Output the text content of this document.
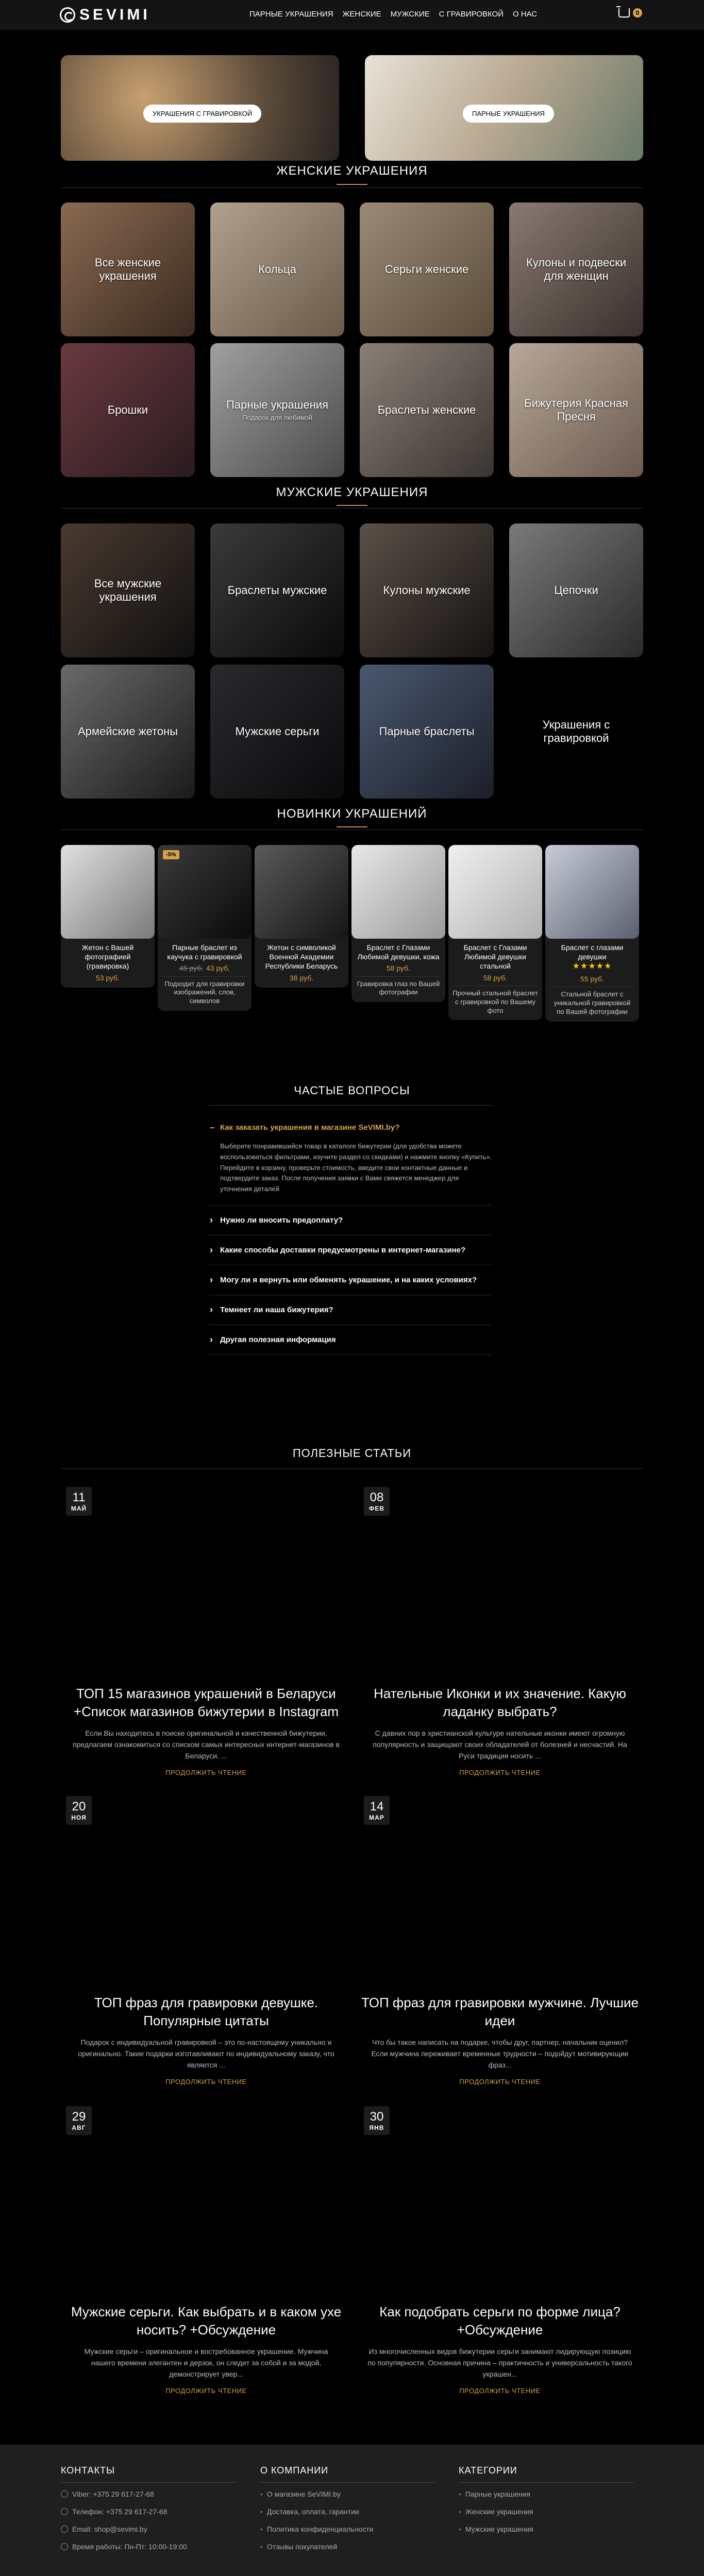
SEVIMI	ПАРНЫЕ УКРАШЕНИЯ ЖЕНСКИЕ МУЖСКИЕ С ГРАВИРОВКОЙ О НАС	0
УКРАШЕНИЯ С ГРАВИРОВКОЙ	ПАРНЫЕ УКРАШЕНИЯ
ЖЕНСКИЕ УКРАШЕНИЯ
Все женские украшения
Кольца	Серьги женские
Кулоны и подвески для женщин
Брошки	Парные украшения
Подарок для любимой
Браслеты женские
Бижутерия Красная Пресня
МУЖСКИЕ УКРАШЕНИЯ
Все мужские украшения
Браслеты мужские	Кулоны мужские	Цепочки
Армейские жетоны	Мужские серьги	Парные браслеты
Украшения с гравировкой
НОВИНКИ УКРАШЕНИЙ
Жетон с Вашей фотографией (гравировка)
53 руб.
-5%
Парные браслет из каучука с гравировкой
45 руб. 43 руб.
Подходит для гравировки изображений, слов, символов
Жетон с символикой Военной Академии Республики Беларусь
38 руб.
Браслет с Глазами Любимой девушки, кожа
58 руб.
Гравировка глаз по Вашей фотографии
Браслет с Глазами Любимой девушки стальной
58 руб.
Прочный стальной браслет с гравировкой по Вашему фото
Браслет с глазами девушки
★★★★★
55 руб.
Стальной браслет с уникальной гравировкой по Вашей фотографии
ЧАСТЫЕ ВОПРОСЫ
– Как заказать украшения в магазине SeVIMI.by?
Выберите понравившийся товар в каталоге бижутерии (для удобства можете воспользоваться фильтрами, изучите раздел со скидками) и нажмите кнопку «Купить». Перейдите в корзину, проверьте стоимость, введите свои контактные данные и подтвердите заказ. После получения заявки с Вами свяжется менеджер для уточнения деталей
› Нужно ли вносить предоплату?
› Какие способы доставки предусмотрены в интернет-магазине?
› Могу ли я вернуть или обменять украшение, и на каких условиях?
› Темнеет ли наша бижутерия?
› Другая полезная информация
ПОЛЕЗНЫЕ СТАТЬИ
11
МАЙ
ТОП 15 магазинов украшений в Беларуси +Список магазинов бижутерии в Instagram
Если Вы находитесь в поиске оригинальной и качественной бижутерии, предлагаем ознакомиться со списком самых интересных интернет-магазинов в Беларуси. ...
ПРОДОЛЖИТЬ ЧТЕНИЕ
08
ФЕВ
Нательные Иконки и их значение. Какую ладанку выбрать?
С давних пор в христианской культуре нательные иконки имеют огромную популярность и защищают своих обладателей от болезней и несчастий. На Руси традиция носить ...
ПРОДОЛЖИТЬ ЧТЕНИЕ
20
НОЯ
ТОП фраз для гравировки девушке. Популярные цитаты
Подарок с индивидуальной гравировкой – это по-настоящему уникально и оригинально. Такие подарки изготавливают по индивидуальному заказу, что является ...
ПРОДОЛЖИТЬ ЧТЕНИЕ
14
МАР
ТОП фраз для гравировки мужчине. Лучшие идеи
Что бы такое написать на подарке, чтобы друг, партнер, начальник оценил? Если мужчина переживает временные трудности – подойдут мотивирующие фраз...
ПРОДОЛЖИТЬ ЧТЕНИЕ
29
АВГ
Мужские серьги. Как выбрать и в каком ухе носить? +Обсуждение
Мужские серьги – оригинальное и востребованное украшение. Мужчина нашего времени элегантен и дерзок, он следит за собой и за модой, демонстрирует увер...
ПРОДОЛЖИТЬ ЧТЕНИЕ
30
ЯНВ
Как подобрать серьги по форме лица? +Обсуждение
Из многочисленных видов бижутерии серьги занимают лидирующую позицию по популярности. Основная причина – практичность и универсальность такого украшен...
ПРОДОЛЖИТЬ ЧТЕНИЕ
КОНТАКТЫ
Viber: +375 29 617-27-68
Телефон: +375 29 617-27-68
Email: shop@sevimi.by
Время работы: Пн-Пт: 10:00-19:00
О КОМПАНИИ
• О магазине SeVIMI.by
• Доставка, оплата, гарантии
• Политика конфиденциальности
• Отзывы покупателей
КАТЕГОРИИ
• Парные украшения
• Женские украшения
• Мужские украшения
